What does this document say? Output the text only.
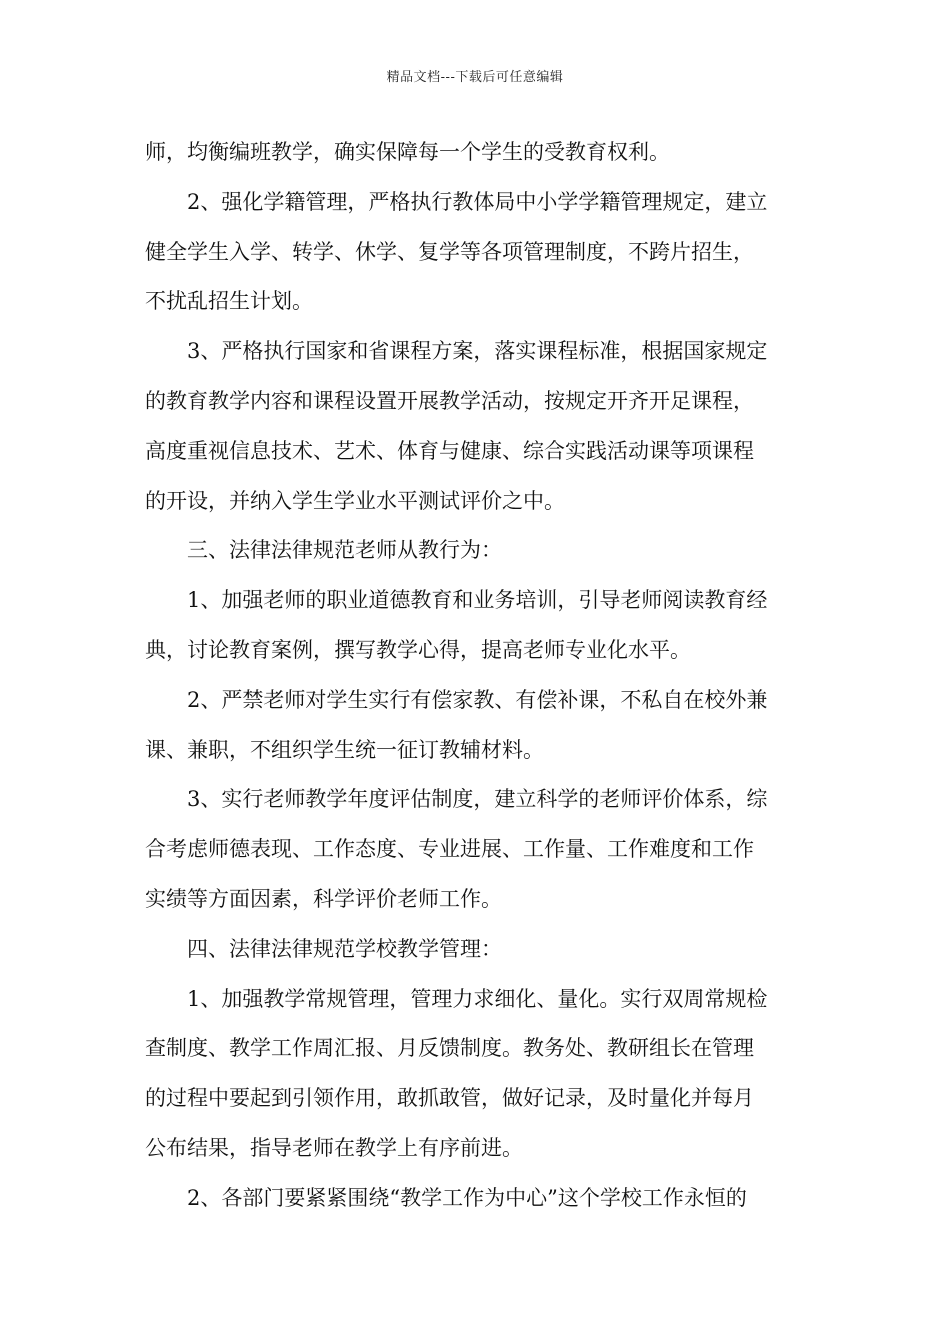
精品文档---下载后可任意编辑
师，均衡编班教学，确实保障每一个学生的受教育权利。
2、强化学籍管理，严格执行教体局中小学学籍管理规定，建立
健全学生入学、转学、休学、复学等各项管理制度，不跨片招生，
不扰乱招生计划。
3、严格执行国家和省课程方案，落实课程标准，根据国家规定
的教育教学内容和课程设置开展教学活动，按规定开齐开足课程，
高度重视信息技术、艺术、体育与健康、综合实践活动课等项课程
的开设，并纳入学生学业水平测试评价之中。
三、法律法律规范老师从教行为：
1、加强老师的职业道德教育和业务培训，引导老师阅读教育经
典，讨论教育案例，撰写教学心得，提高老师专业化水平。
2、严禁老师对学生实行有偿家教、有偿补课，不私自在校外兼
课、兼职，不组织学生统一征订教辅材料。
3、实行老师教学年度评估制度，建立科学的老师评价体系，综
合考虑师德表现、工作态度、专业进展、工作量、工作难度和工作
实绩等方面因素，科学评价老师工作。
四、法律法律规范学校教学管理：
1、加强教学常规管理，管理力求细化、量化。实行双周常规检
查制度、教学工作周汇报、月反馈制度。教务处、教研组长在管理
的过程中要起到引领作用，敢抓敢管，做好记录，及时量化并每月
公布结果，指导老师在教学上有序前进。
2、各部门要紧紧围绕“教学工作为中心”这个学校工作永恒的
